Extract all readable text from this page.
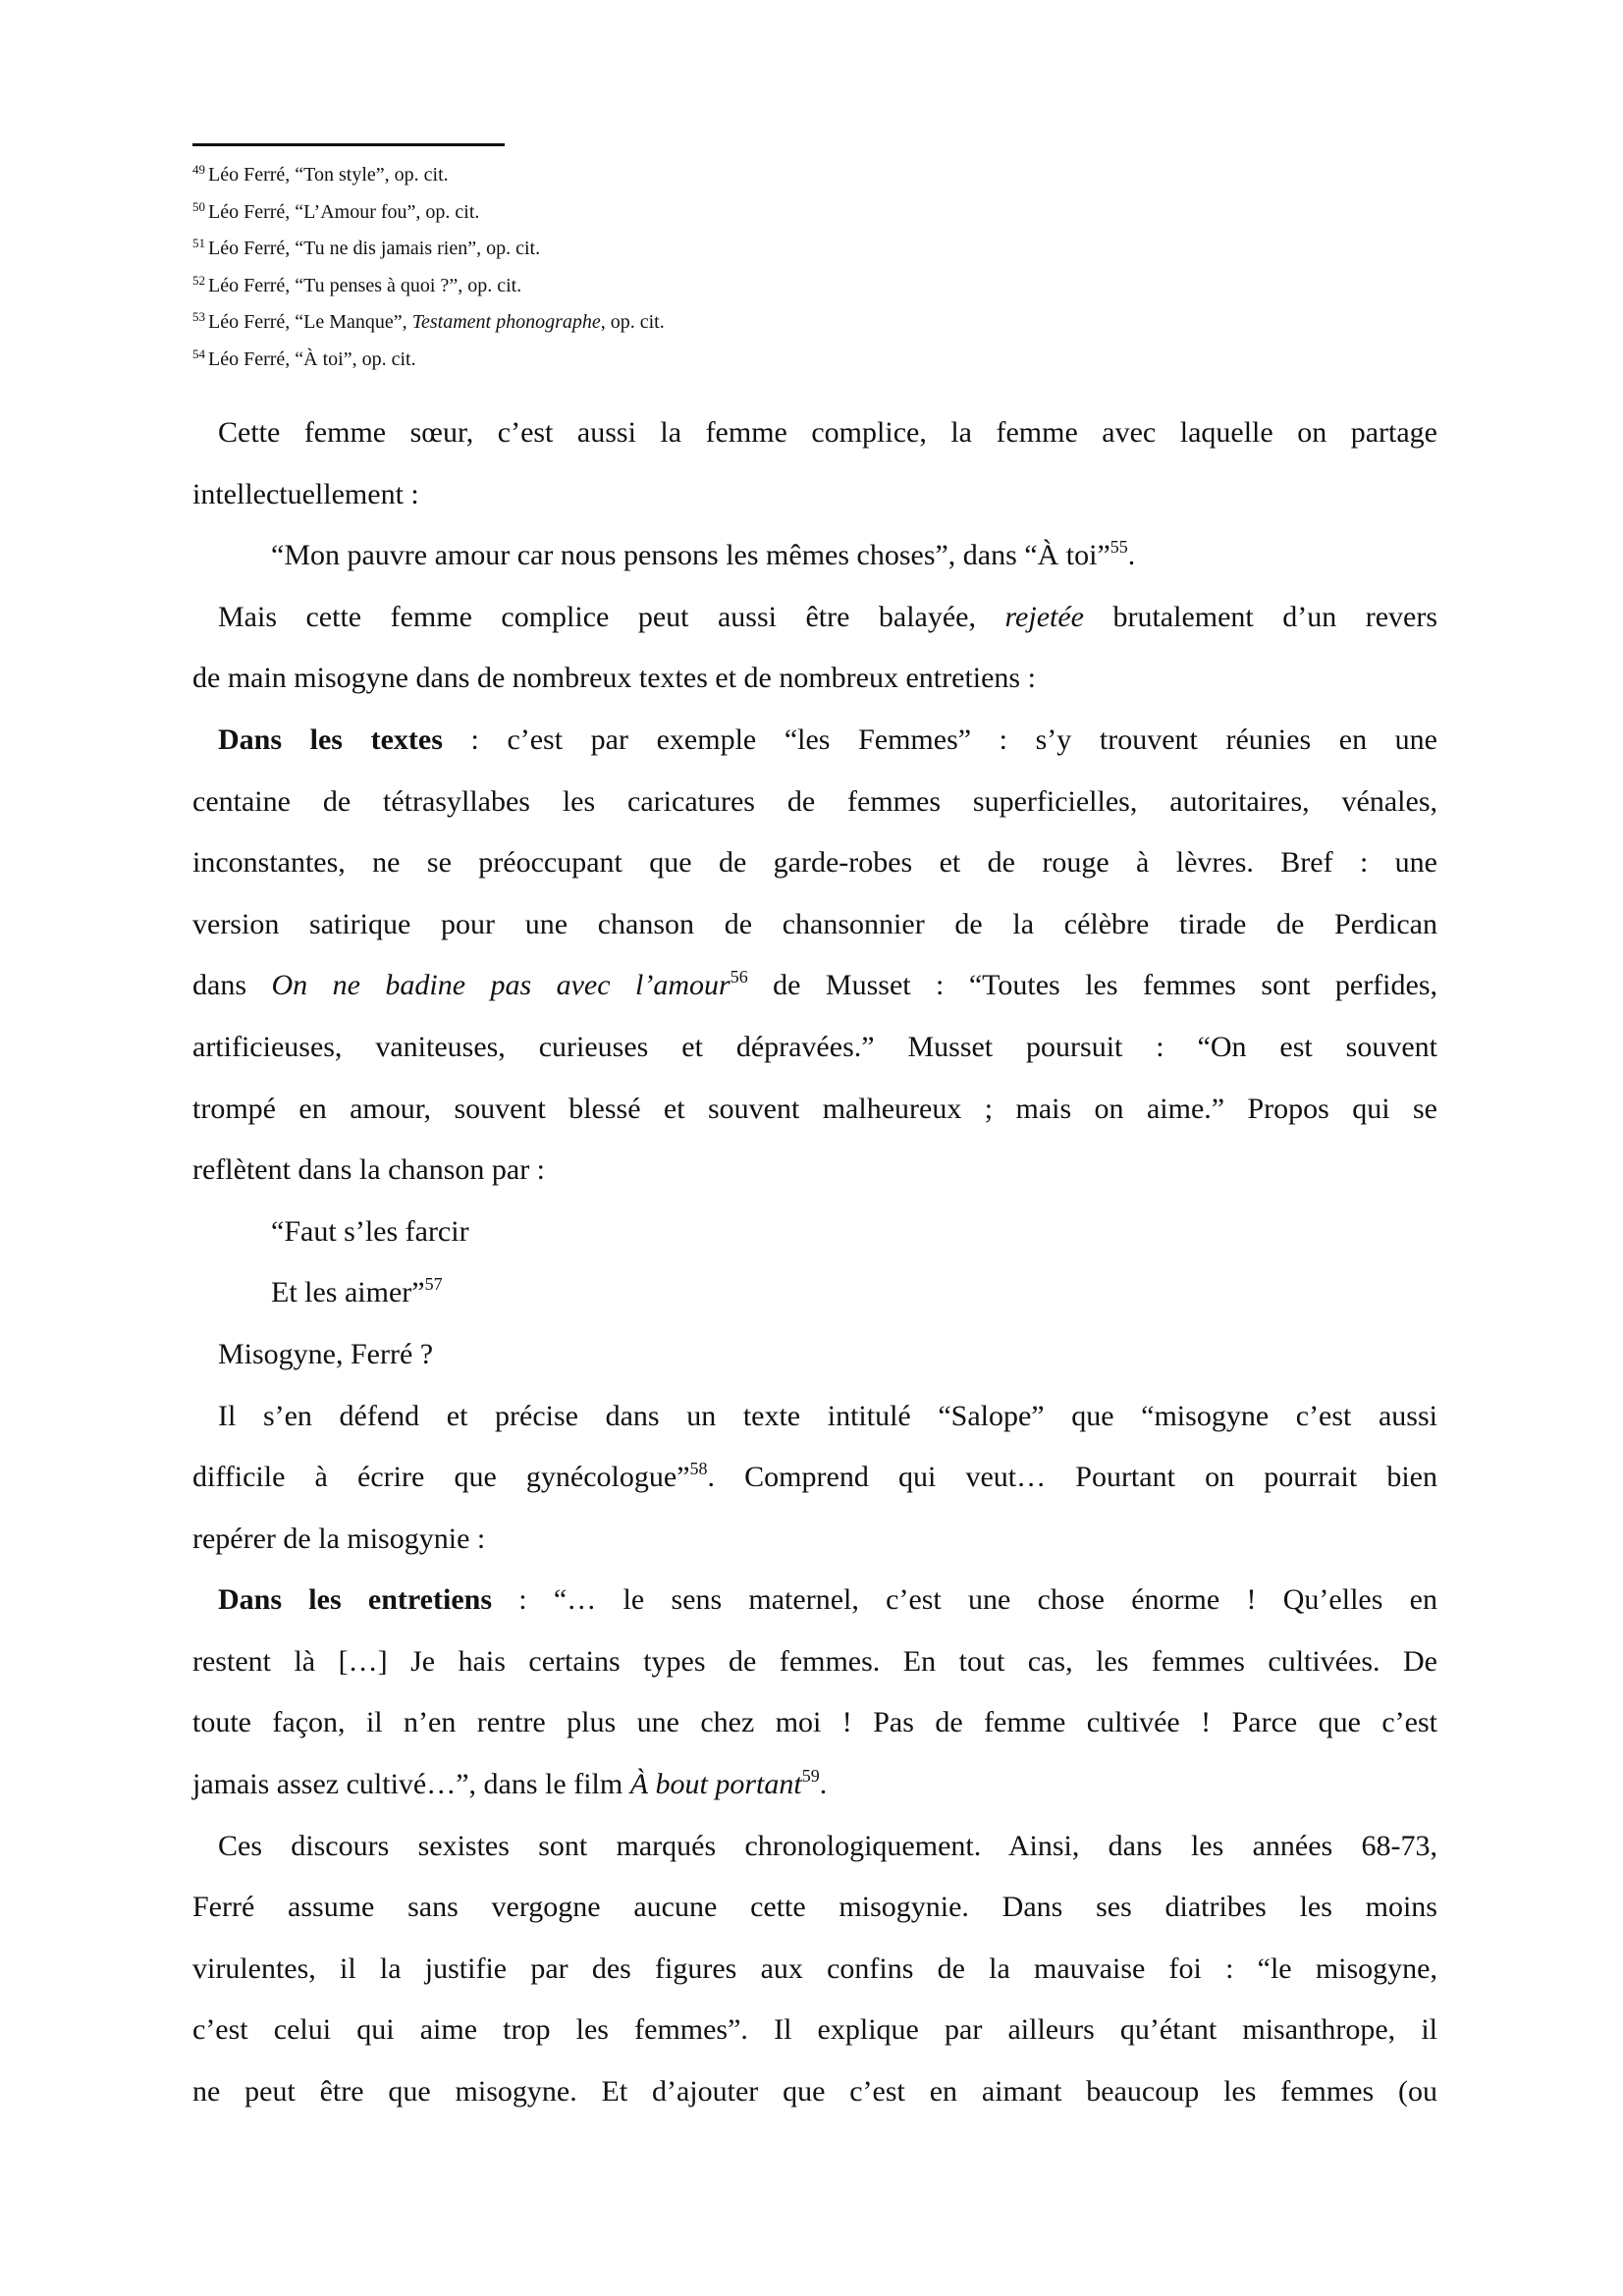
$^{49}$ Léo Ferré, “Ton style”, op. cit.
$^{50}$ Léo Ferré, “L’Amour fou”, op. cit.
$^{51}$ Léo Ferré, “Tu ne dis jamais rien”, op. cit.
$^{52}$ Léo Ferré, “Tu penses à quoi ?”, op. cit.
$^{53}$ Léo Ferré, “Le Manque”, Testament phonographe, op. cit.
$^{54}$ Léo Ferré, “À toi”, op. cit.
Cette femme sœur, c’est aussi la femme complice, la femme avec laquelle on partage
intellectuellement :
“Mon pauvre amour car nous pensons les mêmes choses”, dans “À toi”$^{55}$.
Mais cette femme complice peut aussi être balayée, rejetée brutalement d’un revers
de main misogyne dans de nombreux textes et de nombreux entretiens :
Dans les textes : c’est par exemple “les Femmes” : s’y trouvent réunies en une
centaine de tétrasyllabes les caricatures de femmes superficielles, autoritaires, vénales,
inconstantes, ne se préoccupant que de garde-robes et de rouge à lèvres. Bref : une
version satirique pour une chanson de chansonnier de la célèbre tirade de Perdican
dans On ne badine pas avec l’amour$^{56}$ de Musset : “Toutes les femmes sont perfides,
artificieuses, vaniteuses, curieuses et dépravées.” Musset poursuit : “On est souvent
trompé en amour, souvent blessé et souvent malheureux ; mais on aime.” Propos qui se
reflètent dans la chanson par :
“Faut s’les farcir
Et les aimer”$^{57}$
Misogyne, Ferré ?
Il s’en défend et précise dans un texte intitulé “Salope” que “misogyne c’est aussi
difficile à écrire que gynécologue”$^{58}$. Comprend qui veut… Pourtant on pourrait bien
repérer de la misogynie :
Dans les entretiens : “… le sens maternel, c’est une chose énorme ! Qu’elles en
restent là […] Je hais certains types de femmes. En tout cas, les femmes cultivées. De
toute façon, il n’en rentre plus une chez moi ! Pas de femme cultivée ! Parce que c’est
jamais assez cultivé…”, dans le film À bout portant$^{59}$.
Ces discours sexistes sont marqués chronologiquement. Ainsi, dans les années 68-73,
Ferré assume sans vergogne aucune cette misogynie. Dans ses diatribes les moins
virulentes, il la justifie par des figures aux confins de la mauvaise foi : “le misogyne,
c’est celui qui aime trop les femmes”. Il explique par ailleurs qu’étant misanthrope, il
ne peut être que misogyne. Et d’ajouter que c’est en aimant beaucoup les femmes (ou
